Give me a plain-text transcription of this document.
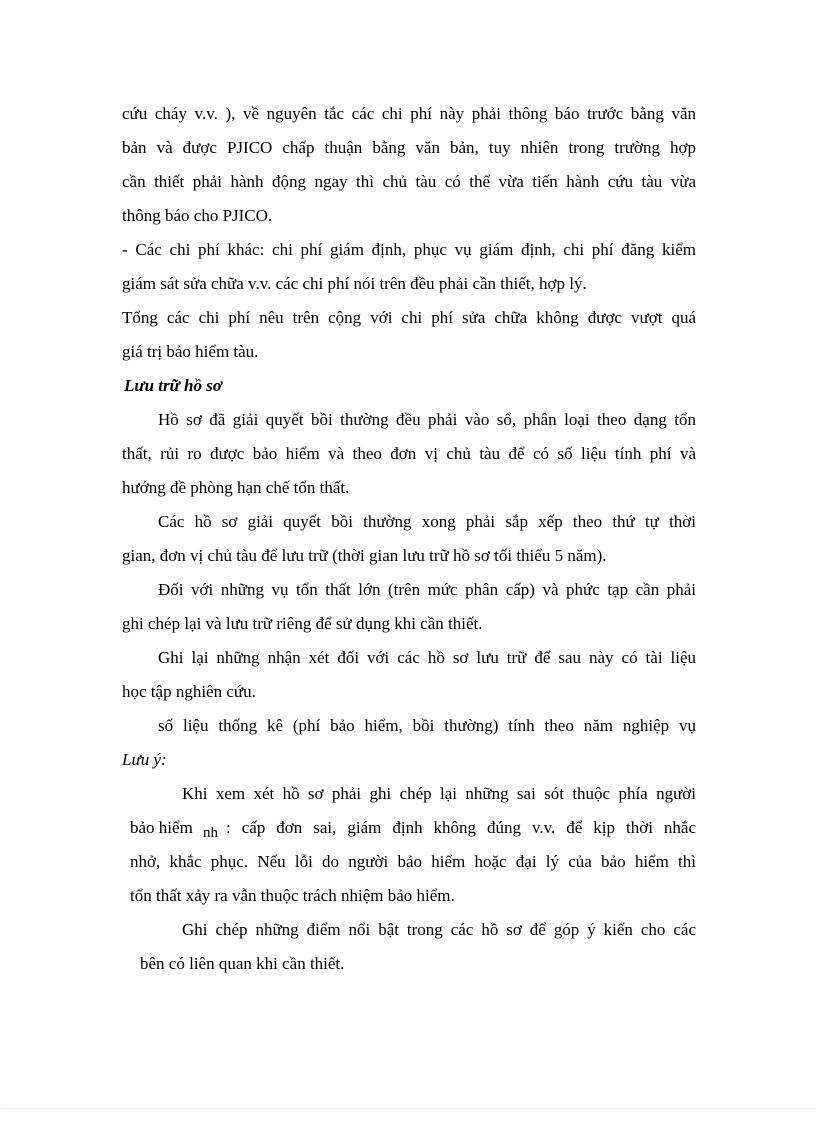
cứu cháy v.v. ), về nguyên tắc các chi phí này phải thông báo trước bằng văn
bản và được PJICO chấp thuận bằng văn bản, tuy nhiên trong trường hợp
cần thiết phải hành động ngay thì chủ tàu có thể vừa tiến hành cứu tàu vừa
thông báo cho PJICO.
- Các chi phí khác: chi phí giám định, phục vụ giám định, chi phí đăng kiểm
giám sát sửa chữa v.v. các chi phí nói trên đều phải cần thiết, hợp lý.
Tổng các chi phí nêu trên cộng với chi phí sửa chữa không được vượt quá
giá trị bảo hiểm tàu.
Lưu trữ hồ sơ
Hồ sơ đã giải quyết bồi thường đều phải vào sổ, phân loại theo dạng tổn
thất, rủi ro được bảo hiểm và theo đơn vị chủ tàu để có số liệu tính phí và
hướng đề phòng hạn chế tổn thất.
Các hồ sơ giải quyết bồi thường xong phải sắp xếp theo thứ tự thời
gian, đơn vị chủ tàu để lưu trữ (thời gian lưu trữ hồ sơ tối thiểu 5 năm).
Đối với những vụ tổn thất lớn (trên mức phân cấp) và phức tạp cần phải
ghi chép lại và lưu trữ riêng để sử dụng khi cần thiết.
Ghi lại những nhận xét đối với các hồ sơ lưu trữ để sau này có tài liệu
học tập nghiên cứu.
số liệu thống kê (phí bảo hiểm, bồi thường) tính theo năm nghiệp vụ
Lưu ý:
Khi xem xét hồ sơ phải ghi chép lại những sai sót thuộc phía người
bảo hiểm nh : cấp đơn sai, giám định không đúng v.v. để kịp thời nhắc
nhở, khắc phục. Nếu lỗi do người bảo hiểm hoặc đại lý của bảo hiểm thì
tổn thất xảy ra vẫn thuộc trách nhiệm bảo hiểm.
Ghi chép những điểm nổi bật trong các hồ sơ để góp ý kiến cho các
bên có liên quan khi cần thiết.
